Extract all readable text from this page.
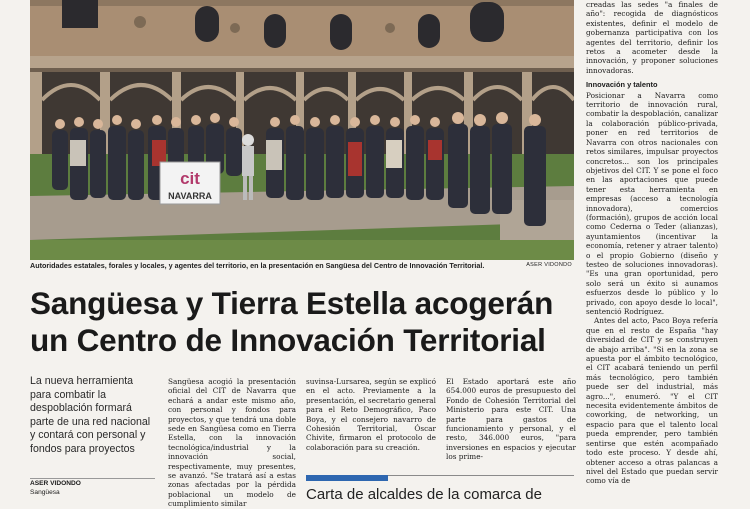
cit
NAVARRA
Autoridades estatales, forales y locales, y agentes del territorio, en la presentación en Sangüesa del Centro de Innovación Territorial.	ASER VIDONDO
Sangüesa y Tierra Estella acogerán
un Centro de Innovación Territorial
La nueva herramienta para combatir la despoblación formará parte de una red nacional y contará con personal y fondos para proyectos
ASER VIDONDO
Sangüesa
Sangüesa acogió la presentación oficial del CIT de Navarra que echará a andar este mismo año, con personal y fondos para proyectos, y que tendrá una doble sede en Sangüesa como en Tierra Estella, con la innovación tecnológica/industrial y la innovación social, respectivamente, muy presentes, se avanzó. "Se tratará así a estas zonas afectadas por la pérdida poblacional un modelo de cumplimiento similar
suvinsa-Lursarea, según se explicó en el acto. Previamente a la presentación, el secretario general para el Reto Demográfico, Paco Boya, y el consejero navarro de Cohesión Territorial, Óscar Chivite, firmaron el protocolo de colaboración para su creación.
El Estado aportará este año 654.000 euros de presupuesto del Fondo de Cohesión Territorial del Ministerio para este CIT. Una parte para gastos de funcionamiento y personal, y el resto, 346.000 euros, "para inversiones en espacios y ejecutar los prime-

creadas las sedes "a finales de año": recogida de diagnósticos existentes, definir el modelo de gobernanza participativa con los agentes del territorio, definir los retos a acometer desde la innovación, y proponer soluciones innovadoras.

Innovación y talento

Posicionar a Navarra como territorio de innovación rural, combatir la despoblación, canalizar la colaboración público-privada, poner en red territorios de Navarra con otros nacionales con retos similares, impulsar proyectos concretos... son los principales objetivos del CIT. Y se pone el foco en las aportaciones que puede tener esta herramienta en empresas (acceso a tecnología innovadora), comercios (formación), grupos de acción local como Cederna o Teder (alianzas), ayuntamientos (incentivar la economía, retener y atraer talento) o el propio Gobierno (diseño y testeo de soluciones innovadoras). "Es una gran oportunidad, pero solo será un éxito si aunamos esfuerzos desde lo público y lo privado, con apoyo desde lo local", sentenció Rodríguez.

Antes del acto, Paco Boya refería que en el resto de España "hay diversidad de CIT y se construyen de abajo arriba". "Si en la zona se apuesta por el ámbito tecnológico, el CIT acabará teniendo un perfil más tecnológico, pero también puede ser del industrial, más agro...", enumeró. "Y el CIT necesita evidentemente ámbitos de coworking, de networking, un espacio para que el talento local pueda emprender, pero también sentirse que estén acompañado todo este proceso. Y desde ahí, obtener acceso a otras palancas a nivel del Estado que puedan servir como vía de

Carta de alcaldes de la comarca de
